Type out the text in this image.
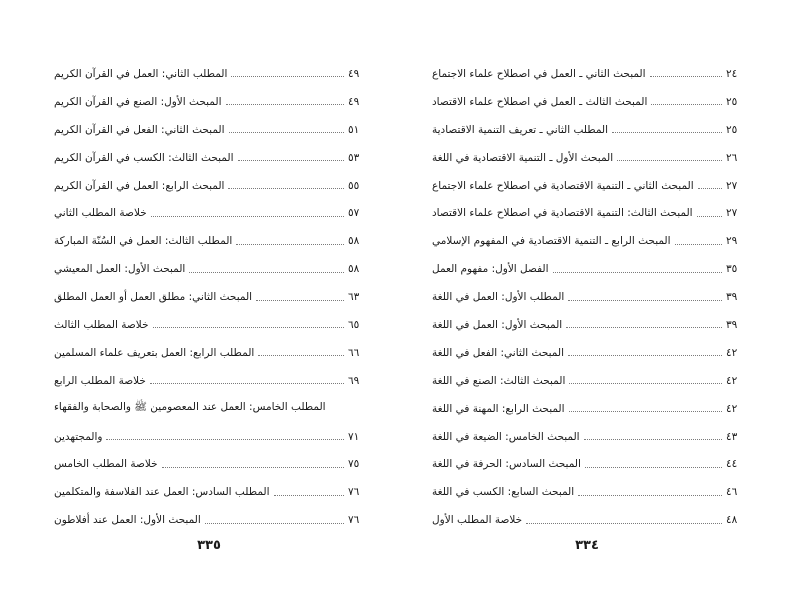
المبحث الثاني ـ العمل في اصطلاح علماء الاجتماع	٢٤
المبحث الثالث ـ العمل في اصطلاح علماء الاقتصاد	٢٥
المطلب الثاني ـ تعريف التنمية الاقتصادية	٢٥
المبحث الأول ـ التنمية الاقتصادية في اللغة	٢٦
المبحث الثاني ـ التنمية الاقتصادية في اصطلاح علماء الاجتماع	٢٧
المبحث الثالث: التنمية الاقتصادية في اصطلاح علماء الاقتصاد	٢٧
المبحث الرابع ـ التنمية الاقتصادية في المفهوم الإسلامي	٢٩
الفصل الأول: مفهوم العمل	٣٥
المطلب الأول: العمل في اللغة	٣٩
المبحث الأول: العمل في اللغة	٣٩
المبحث الثاني: الفعل في اللغة	٤٢
المبحث الثالث: الصنع في اللغة	٤٢
المبحث الرابع: المهنة في اللغة	٤٢
المبحث الخامس: الضيعة في اللغة	٤٣
المبحث السادس: الحرفة في اللغة	٤٤
المبحث السابع: الكسب في اللغة	٤٦
خلاصة المطلب الأول	٤٨
٣٣٤
المطلب الثاني: العمل في القرآن الكريم	٤٩
المبحث الأول: الصنع في القرآن الكريم	٤٩
المبحث الثاني: الفعل في القرآن الكريم	٥١
المبحث الثالث: الكسب في القرآن الكريم	٥٣
المبحث الرابع: العمل في القرآن الكريم	٥٥
خلاصة المطلب الثاني	٥٧
المطلب الثالث: العمل في السُنّة المباركة	٥٨
المبحث الأول: العمل المعيشي	٥٨
المبحث الثاني: مطلق العمل أو العمل المطلق	٦٣
خلاصة المطلب الثالث	٦٥
المطلب الرابع: العمل بتعريف علماء المسلمين	٦٦
خلاصة المطلب الرابع	٦٩
المطلب الخامس: العمل عند المعصومين ﷺ والصحابة والفقهاء
والمجتهدين	٧١
خلاصة المطلب الخامس	٧٥
المطلب السادس: العمل عند الفلاسفة والمتكلمين	٧٦
المبحث الأول: العمل عند أفلاطون	٧٦
٣٣٥
